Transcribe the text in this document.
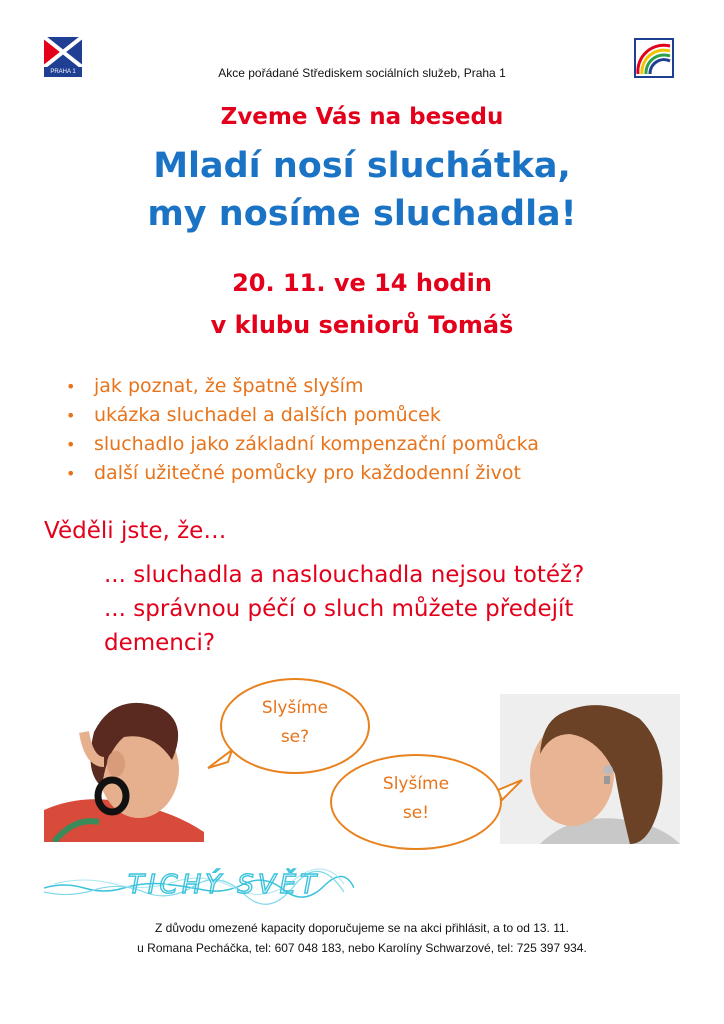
PRAHA 1	Akce pořádané Střediskem sociálních služeb, Praha 1
Zveme Vás na besedu
Mladí nosí sluchátka,
my nosíme sluchadla!
20. 11. ve 14 hodin
v klubu seniorů Tomáš
• jak poznat, že špatně slyším
• ukázka sluchadel a dalších pomůcek
• sluchadlo jako základní kompenzační pomůcka
• další užitečné pomůcky pro každodenní život
Věděli jste, že…
... sluchadla a naslouchadla nejsou totéž?
... správnou péčí o sluch můžete předejít demenci?
Slyšíme
se?
Slyšíme
se!
TICHÝ SVĚT
Z důvodu omezené kapacity doporučujeme se na akci přihlásit, a to od 13. 11.
u Romana Pecháčka, tel: 607 048 183, nebo Karolíny Schwarzové, tel: 725 397 934.
